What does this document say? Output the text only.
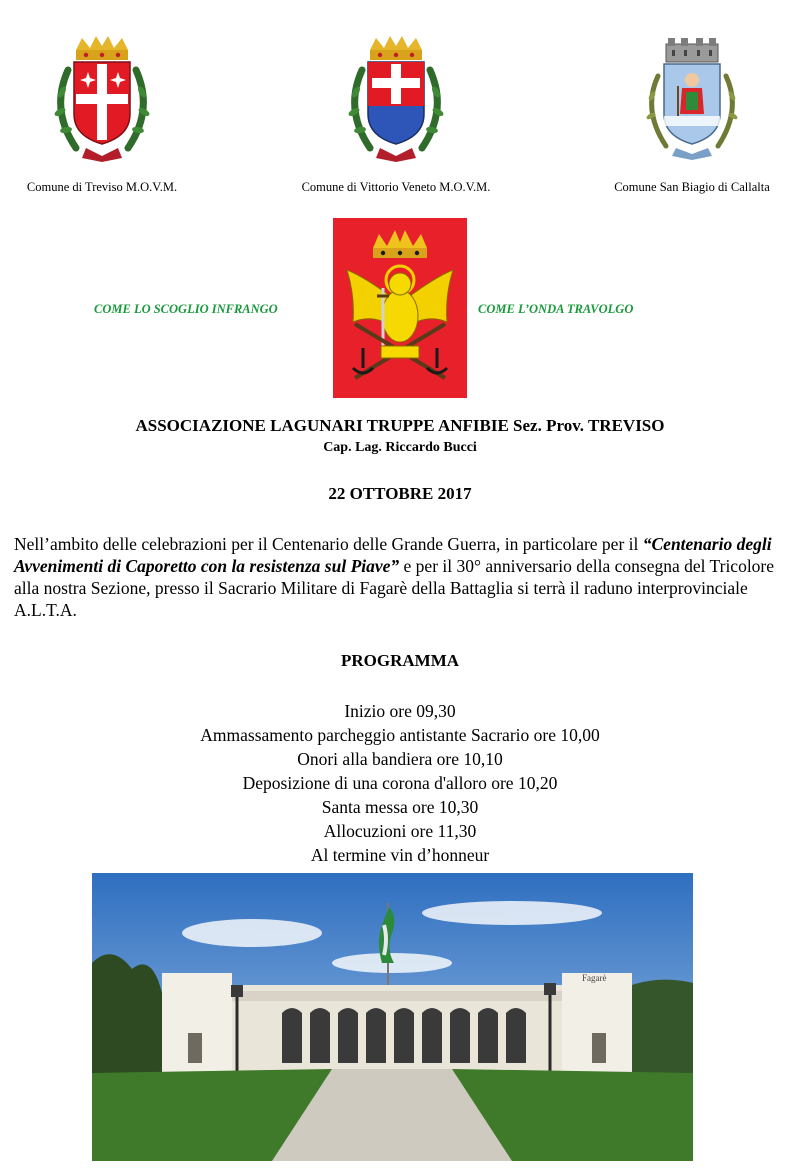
Comune di Treviso M.O.V.M.	Comune di Vittorio Veneto M.O.V.M.	Comune San Biagio di Callalta
COME LO SCOGLIO INFRANGO	COME L’ONDA TRAVOLGO
ASSOCIAZIONE LAGUNARI TRUPPE ANFIBIE Sez. Prov. TREVISO
Cap. Lag. Riccardo Bucci
22 OTTOBRE 2017
Nell’ambito delle celebrazioni per il Centenario delle Grande Guerra, in particolare per il “Centenario degli Avvenimenti di Caporetto con la resistenza sul Piave” e per il 30° anniversario della consegna del Tricolore alla nostra Sezione, presso il Sacrario Militare di Fagarè della Battaglia si terrà il raduno interprovinciale A.L.T.A.
PROGRAMMA
Inizio ore 09,30
Ammassamento parcheggio antistante Sacrario ore 10,00
Onori alla bandiera ore 10,10
Deposizione di una corona d'alloro ore 10,20
Santa messa ore 10,30
Allocuzioni ore 11,30
Al termine vin d’honneur
Fagarè
